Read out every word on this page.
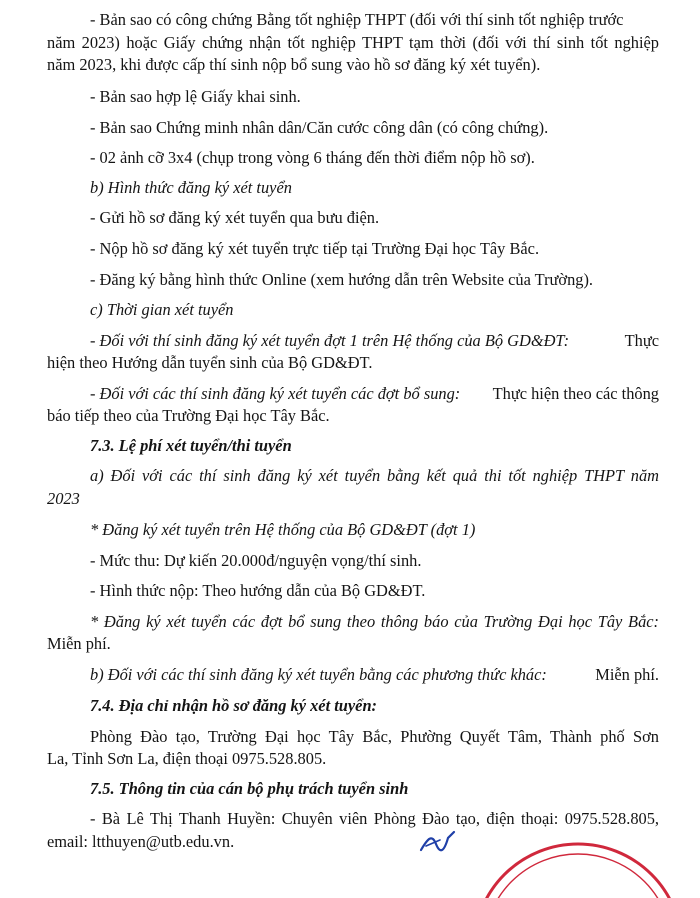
- Bản sao có công chứng Bằng tốt nghiệp THPT (đối với thí sinh tốt nghiệp trước
năm 2023) hoặc Giấy chứng nhận tốt nghiệp THPT tạm thời (đối với thí sinh tốt nghiệp
năm 2023, khi được cấp thí sinh nộp bổ sung vào hồ sơ đăng ký xét tuyển).
- Bản sao hợp lệ Giấy khai sinh.
- Bản sao Chứng minh nhân dân/Căn cước công dân (có công chứng).
- 02 ảnh cỡ 3x4 (chụp trong vòng 6 tháng đến thời điểm nộp hồ sơ).
b) Hình thức đăng ký xét tuyển
- Gửi hồ sơ đăng ký xét tuyển qua bưu điện.
- Nộp hồ sơ đăng ký xét tuyển trực tiếp tại Trường Đại học Tây Bắc.
- Đăng ký bằng hình thức Online (xem hướng dẫn trên Website của Trường).
c) Thời gian xét tuyển
- Đối với thí sinh đăng ký xét tuyển đợt 1 trên Hệ thống của Bộ GD&ĐT:	Thực
hiện theo Hướng dẫn tuyển sinh của Bộ GD&ĐT.
- Đối với các thí sinh đăng ký xét tuyển các đợt bổ sung: Thực hiện theo các thông
báo tiếp theo của Trường Đại học Tây Bắc.
7.3. Lệ phí xét tuyển/thi tuyển
a) Đối với các thí sinh đăng ký xét tuyển bằng kết quả thi tốt nghiệp THPT năm
2023
* Đăng ký xét tuyển trên Hệ thống của Bộ GD&ĐT (đợt 1)
- Mức thu: Dự kiến 20.000đ/nguyện vọng/thí sinh.
- Hình thức nộp: Theo hướng dẫn của Bộ GD&ĐT.
* Đăng ký xét tuyển các đợt bổ sung theo thông báo của Trường Đại học Tây Bắc:
Miễn phí.
b) Đối với các thí sinh đăng ký xét tuyển bằng các phương thức khác:	Miễn phí.
7.4. Địa chỉ nhận hồ sơ đăng ký xét tuyển:
Phòng Đào tạo, Trường Đại học Tây Bắc, Phường Quyết Tâm, Thành phố Sơn
La, Tỉnh Sơn La, điện thoại 0975.528.805.
7.5. Thông tin của cán bộ phụ trách tuyển sinh
- Bà Lê Thị Thanh Huyền: Chuyên viên Phòng Đào tạo, điện thoại: 0975.528.805,
email: ltthuyen@utb.edu.vn.
